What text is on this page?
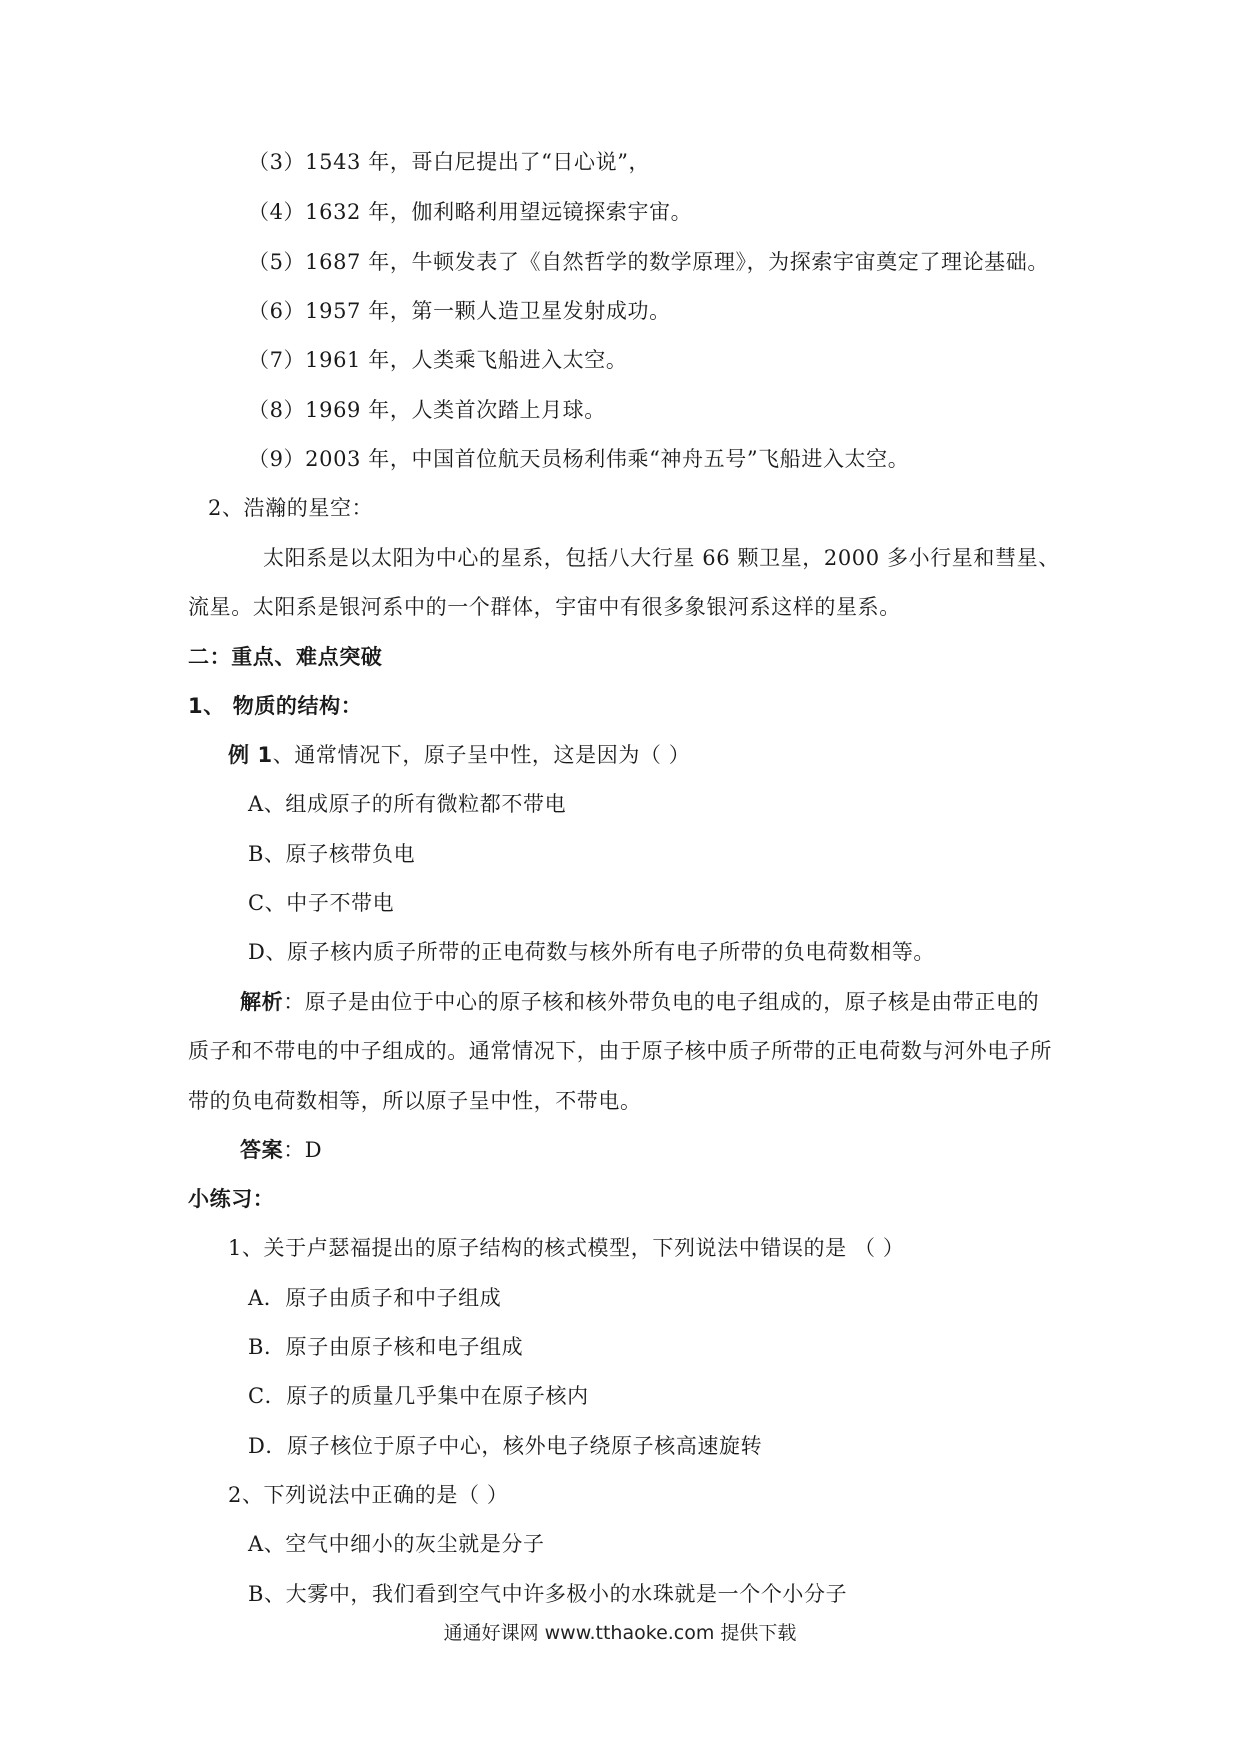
（3）1543 年，哥白尼提出了“日心说”，
（4）1632 年，伽利略利用望远镜探索宇宙。
（5）1687 年，牛顿发表了《自然哲学的数学原理》，为探索宇宙奠定了理论基础。
（6）1957 年，第一颗人造卫星发射成功。
（7）1961 年，人类乘飞船进入太空。
（8）1969 年，人类首次踏上月球。
（9）2003 年，中国首位航天员杨利伟乘“神舟五号”飞船进入太空。
2、浩瀚的星空：
太阳系是以太阳为中心的星系，包括八大行星 66 颗卫星，2000 多小行星和彗星、
流星。太阳系是银河系中的一个群体，宇宙中有很多象银河系这样的星系。
二：重点、难点突破
1、 物质的结构：
例 1、通常情况下，原子呈中性，这是因为（ ）
A、组成原子的所有微粒都不带电
B、原子核带负电
C、中子不带电
D、原子核内质子所带的正电荷数与核外所有电子所带的负电荷数相等。
解析：原子是由位于中心的原子核和核外带负电的电子组成的，原子核是由带正电的
质子和不带电的中子组成的。通常情况下，由于原子核中质子所带的正电荷数与河外电子所
带的负电荷数相等，所以原子呈中性，不带电。
答案：D
小练习：
1、关于卢瑟福提出的原子结构的核式模型，下列说法中错误的是 （ ）
A．原子由质子和中子组成
B．原子由原子核和电子组成
C．原子的质量几乎集中在原子核内
D．原子核位于原子中心，核外电子绕原子核高速旋转
2、下列说法中正确的是（ ）
A、空气中细小的灰尘就是分子
B、大雾中，我们看到空气中许多极小的水珠就是一个个小分子
通通好课网 www.tthaoke.com 提供下载
